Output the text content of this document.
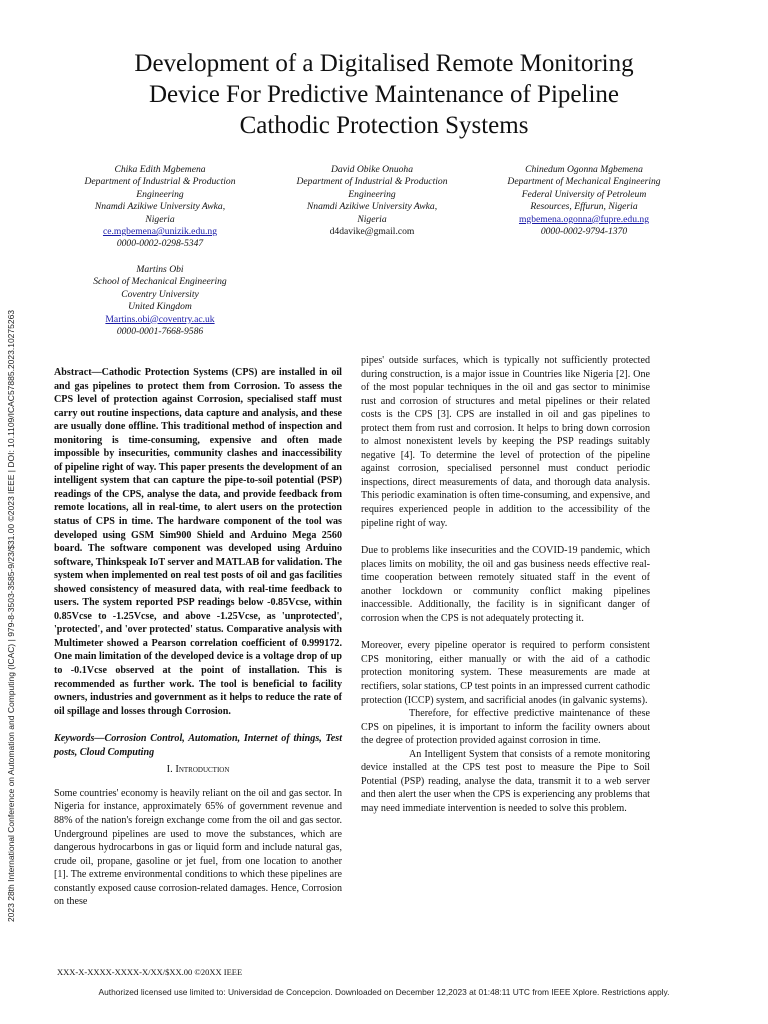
Development of a Digitalised Remote Monitoring
Device For Predictive Maintenance of Pipeline
Cathodic Protection Systems
Chika Edith Mgbemena
Department of Industrial & Production
Engineering
Nnamdi Azikiwe University Awka,
Nigeria
ce.mgbemena@unizik.edu.ng
0000-0002-0298-5347
David Obike Onuoha
Department of Industrial & Production
Engineering
Nnamdi Azikiwe University Awka,
Nigeria
d4davike@gmail.com
Chinedum Ogonna Mgbemena
Department of Mechanical Engineering
Federal University of Petroleum
Resources, Effurun, Nigeria
mgbemena.ogonna@fupre.edu.ng
0000-0002-9794-1370
Martins Obi
School of Mechanical Engineering
Coventry University
United Kingdom
Martins.obi@coventry.ac.uk
0000-0001-7668-9586
2023 28th International Conference on Automation and Computing (ICAC) | 979-8-3503-3585-9/23/$31.00 ©2023 IEEE | DOI: 10.1109/ICAC57885.2023.10275263	Abstract—Cathodic Protection Systems (CPS) are installed in oil and gas pipelines to protect them from Corrosion. To assess the CPS level of protection against Corrosion, specialised staff must carry out routine inspections, data capture and analysis, and these are usually done offline. This traditional method of inspection and monitoring is time-consuming, expensive and often made impossible by insecurities, community clashes and inaccessibility of pipeline right of way. This paper presents the development of an intelligent system that can capture the pipe-to-soil potential (PSP) readings of the CPS, analyse the data, and provide feedback from remote locations, all in real-time, to alert users on the protection status of CPS in time. The hardware component of the tool was developed using GSM Sim900 Shield and Arduino Mega 2560 board. The software component was developed using Arduino software, Thinkspeak IoT server and MATLAB for validation. The system when implemented on real test posts of oil and gas facilities showed consistency of measured data, with real-time feedback to users. The system reported PSP readings below -0.85Vcse, within 0.85Vcse to -1.25Vcse, and above -1.25Vcse, as 'unprotected', 'protected', and 'over protected' status. Comparative analysis with Multimeter showed a Pearson correlation coefficient of 0.999172. One main limitation of the developed device is a voltage drop of up to -0.1Vcse observed at the point of installation. This is recommended as further work. The tool is beneficial to facility owners, industries and government as it helps to reduce the rate of oil spillage and losses through Corrosion.

Keywords—Corrosion Control, Automation, Internet of things, Test posts, Cloud Computing

I. Introduction

Some countries' economy is heavily reliant on the oil and gas sector. In Nigeria for instance, approximately 65% of government revenue and 88% of the nation's foreign exchange come from the oil and gas sector. Underground pipelines are used to move the substances, which are dangerous hydrocarbons in gas or liquid form and include natural gas, crude oil, propane, gasoline or jet fuel, from one location to another [1]. The extreme environmental conditions to which these pipelines are constantly exposed cause corrosion-related damages. Hence, Corrosion on these

pipes' outside surfaces, which is typically not sufficiently protected during construction, is a major issue in Countries like Nigeria [2]. One of the most popular techniques in the oil and gas sector to minimise rust and corrosion of structures and metal pipelines or their related costs is the CPS [3]. CPS are installed in oil and gas pipelines to protect them from rust and corrosion. It helps to bring down corrosion to almost nonexistent levels by keeping the PSP readings suitably negative [4]. To determine the level of protection of the pipeline against corrosion, specialised personnel must conduct periodic inspections, direct measurements of data, and thorough data analysis. This periodic examination is often time-consuming, and expensive, and requires experienced people in addition to the accessibility of the pipeline right of way.

Due to problems like insecurities and the COVID-19 pandemic, which places limits on mobility, the oil and gas business needs effective real-time cooperation between remotely situated staff in the event of another lockdown or community conflict making pipelines inaccessible. Additionally, the facility is in significant danger of corrosion when the CPS is not adequately protecting it.

Moreover, every pipeline operator is required to perform consistent CPS monitoring, either manually or with the aid of a cathodic protection monitoring system. These measurements are made at rectifiers, solar stations, CP test points in an impressed current cathodic protection (ICCP) system, and sacrificial anodes (in galvanic systems).

Therefore, for effective predictive maintenance of these CPS on pipelines, it is important to inform the facility owners about the degree of protection provided against corrosion in time.

An Intelligent System that consists of a remote monitoring device installed at the CPS test post to measure the Pipe to Soil Potential (PSP) reading, analyse the data, transmit it to a web server and then alert the user when the CPS is experiencing any problems that may need immediate intervention is needed to solve this problem.

XXX-X-XXXX-XXXX-X/XX/$XX.00 ©20XX IEEE
Authorized licensed use limited to: Universidad de Concepcion. Downloaded on December 12,2023 at 01:48:11 UTC from IEEE Xplore. Restrictions apply.
